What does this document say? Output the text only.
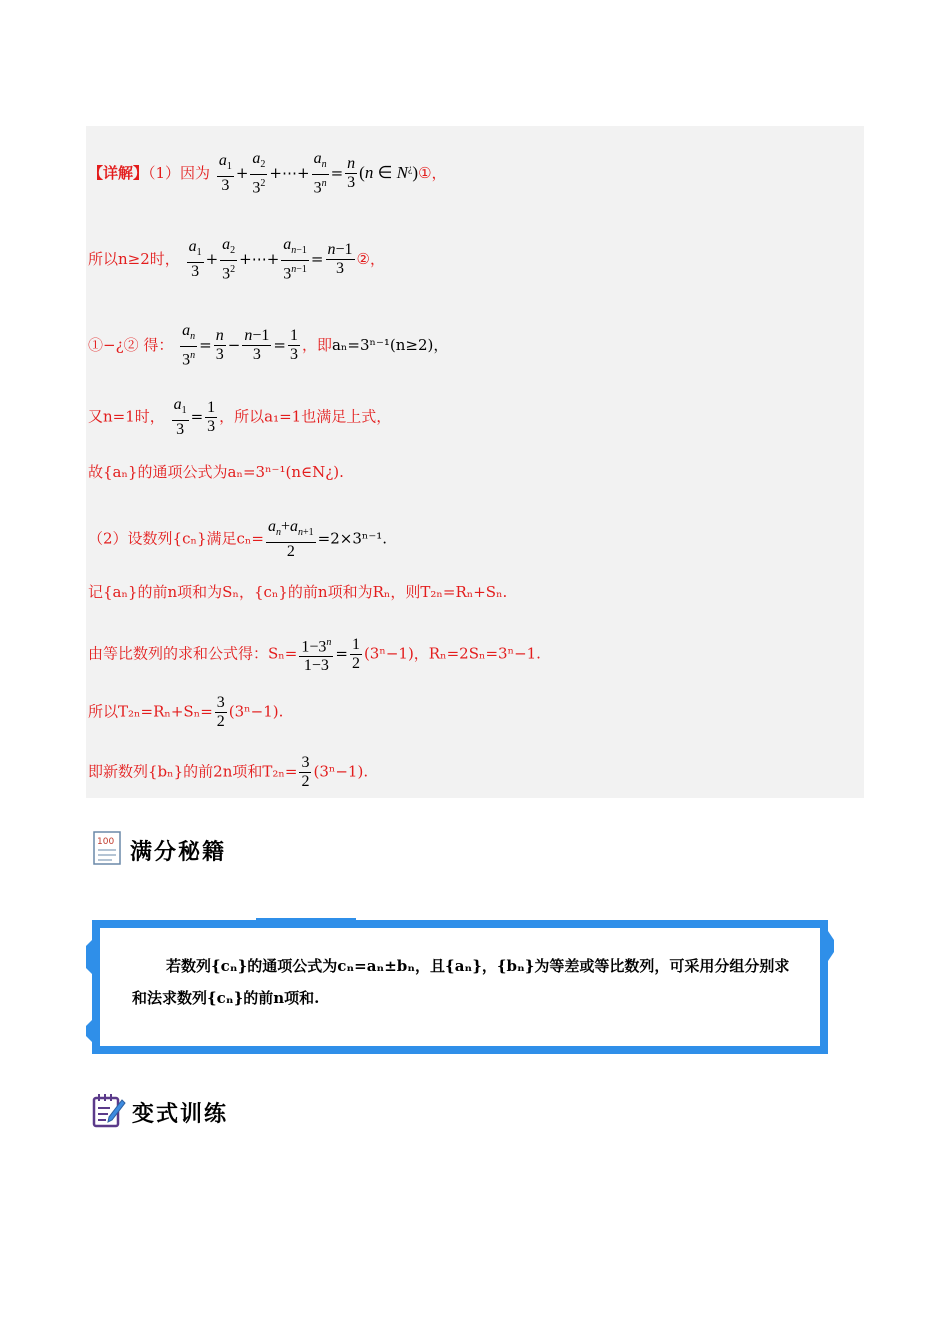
【详解】（1）因为 $\frac{a_1}{3} + \frac{a_2}{3^2}$ +⋯+ $\frac{a_n}{3^n} = \frac{n}{3} (n$ ∈ N¿)①，
所以n≥2时， $\frac{a_1}{3} + \frac{a_2}{3^2}$ +⋯+ $\frac{a_{n-1}}{3^{n-1}} = \frac{n-1}{3}$ ②，
①−¿② 得： $\frac{a_n}{3^n} = \frac{n}{3} - \frac{n-1}{3} = \frac{1}{3}$ ，即aₙ=3ⁿ⁻¹(n≥2)，
又n=1时， $\frac{a_1}{3} = \frac{1}{3}$ ，所以a₁=1也满足上式，
故{aₙ}的通项公式为aₙ=3ⁿ⁻¹(n∈N¿).
（2）设数列{cₙ}满足$c_n= \frac{a_n+a_{n+1}}{2} =2\times 3^{n-1}$.
记{aₙ}的前n项和为Sₙ，{cₙ}的前n项和为Rₙ，则T₂ₙ=Rₙ+Sₙ.
由等比数列的求和公式得：$S_n= \frac{1-3^n}{1-3} = \frac{1}{2} (3^n-1)$，Rₙ=2Sₙ=3ⁿ−1.
所以$T_{2n}=R_n+S_n= \frac{3}{2} (3^n-1)$.
即新数列{bₙ}的前2n项和$T_{2n}= \frac{3}{2} (3^n-1)$.
100 满分秘籍
若数列{cₙ}的通项公式为cₙ=aₙ±bₙ，且{aₙ}，{bₙ}为等差或等比数列，可采用分组分别求和法求数列{cₙ}的前n项和.
变式训练
